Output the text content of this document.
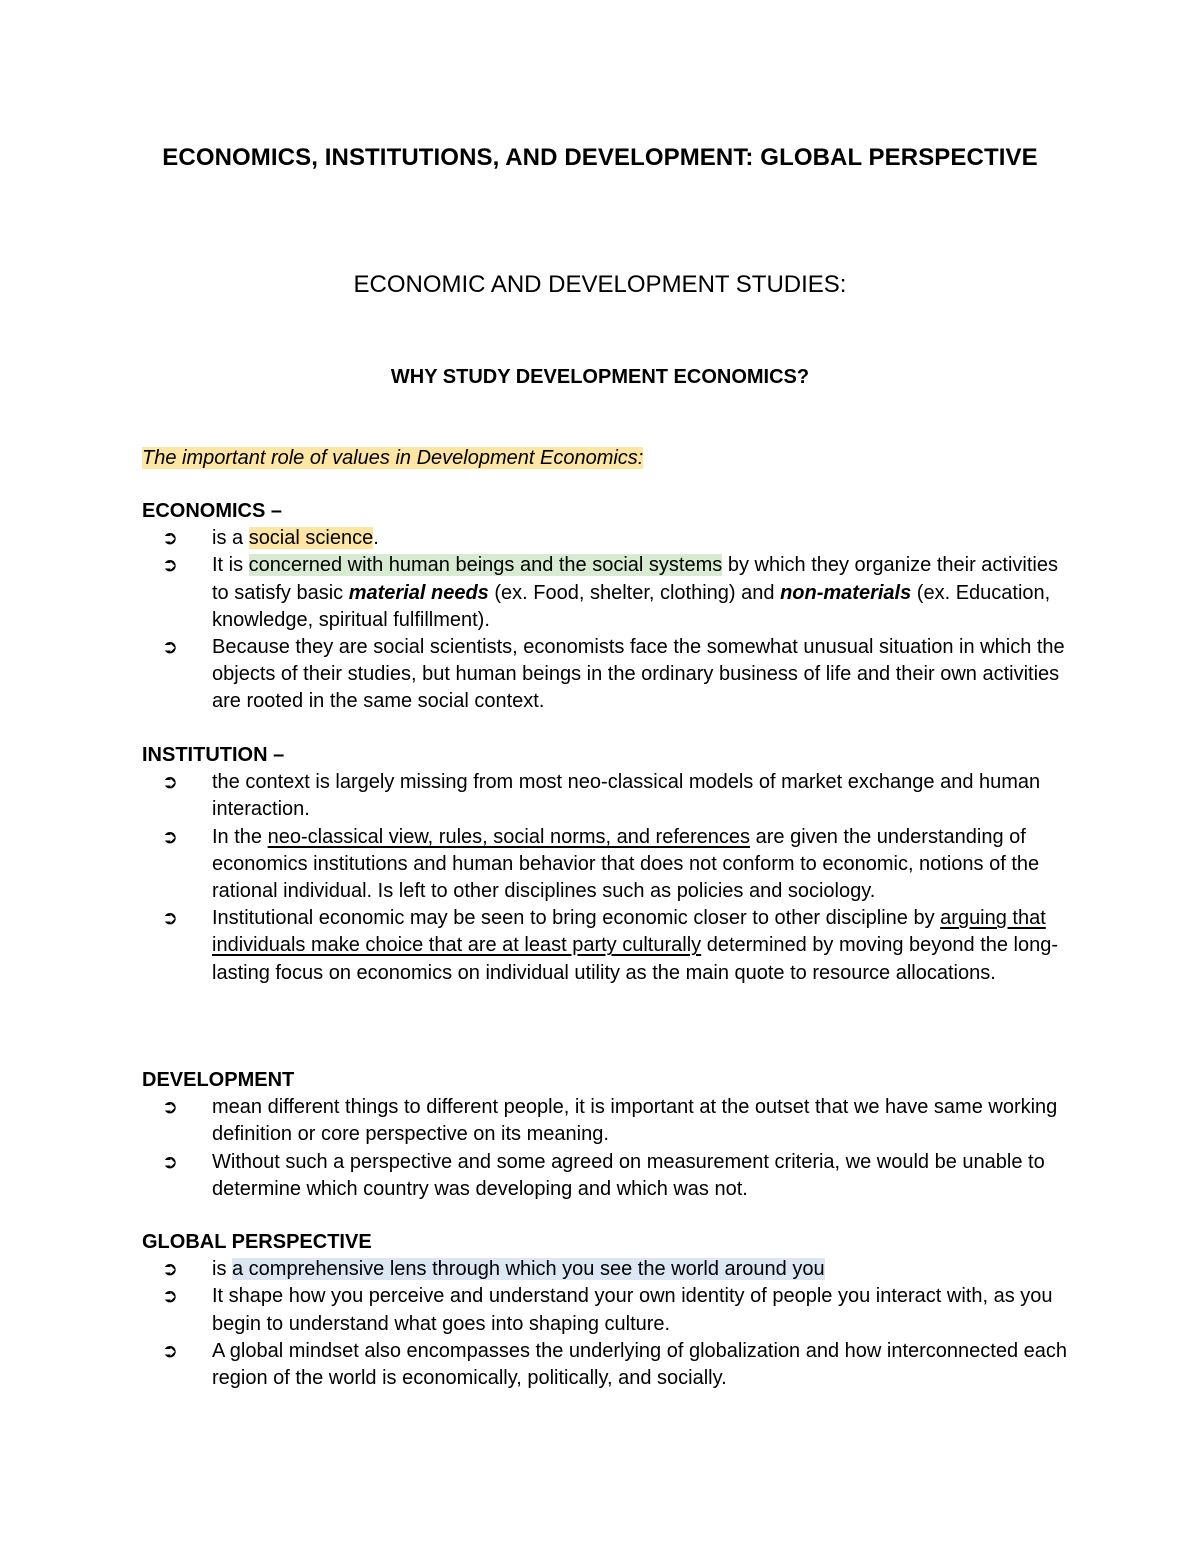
ECONOMICS, INSTITUTIONS, AND DEVELOPMENT: GLOBAL PERSPECTIVE
ECONOMIC AND DEVELOPMENT STUDIES:
WHY STUDY DEVELOPMENT ECONOMICS?
The important role of values in Development Economics:
ECONOMICS –
➲	is a social science.
➲	It is concerned with human beings and the social systems by which they organize their activities to satisfy basic material needs (ex. Food, shelter, clothing) and non-materials (ex. Education, knowledge, spiritual fulfillment).
➲	Because they are social scientists, economists face the somewhat unusual situation in which the objects of their studies, but human beings in the ordinary business of life and their own activities are rooted in the same social context.
INSTITUTION –
➲	the context is largely missing from most neo-classical models of market exchange and human interaction.
➲	In the neo-classical view, rules, social norms, and references are given the understanding of economics institutions and human behavior that does not conform to economic, notions of the rational individual. Is left to other disciplines such as policies and sociology.
➲	Institutional economic may be seen to bring economic closer to other discipline by arguing that individuals make choice that are at least party culturally determined by moving beyond the long-lasting focus on economics on individual utility as the main quote to resource allocations.
DEVELOPMENT
➲	mean different things to different people, it is important at the outset that we have same working definition or core perspective on its meaning.
➲	Without such a perspective and some agreed on measurement criteria, we would be unable to determine which country was developing and which was not.
GLOBAL PERSPECTIVE
➲	is a comprehensive lens through which you see the world around you
➲	It shape how you perceive and understand your own identity of people you interact with, as you begin to understand what goes into shaping culture.
➲	A global mindset also encompasses the underlying of globalization and how interconnected each region of the world is economically, politically, and socially.
